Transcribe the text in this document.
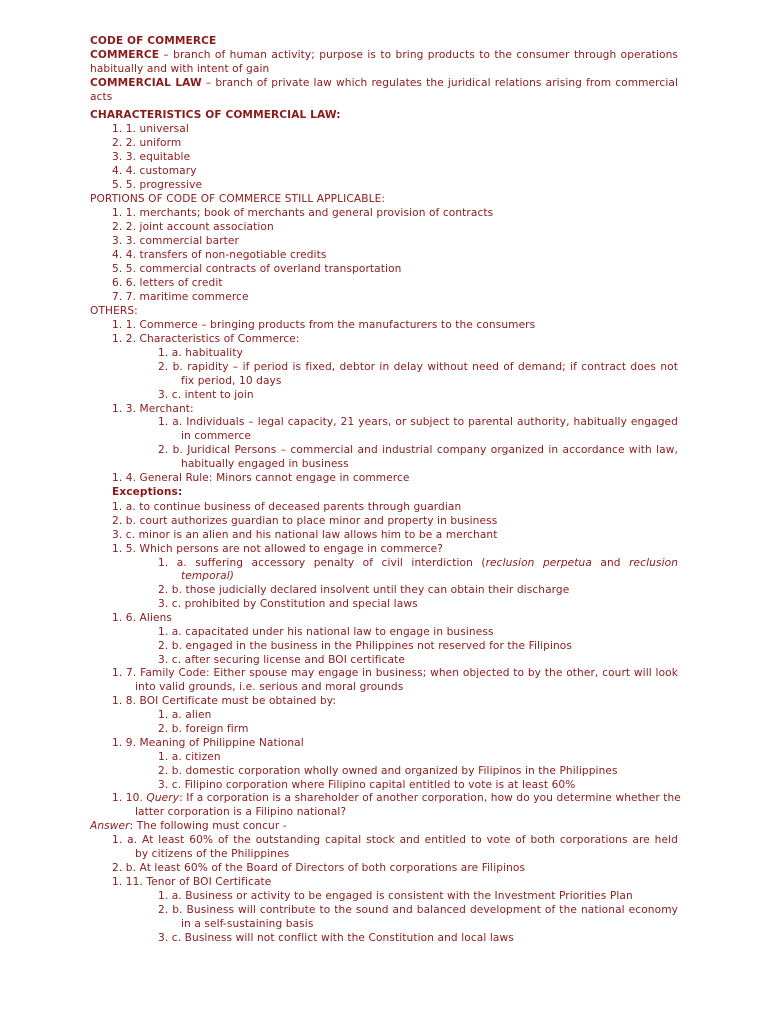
CODE OF COMMERCE
COMMERCE – branch of human activity; purpose is to bring products to the consumer through operations
habitually and with intent of gain
COMMERCIAL LAW – branch of private law which regulates the juridical relations arising from commercial
acts
CHARACTERISTICS OF COMMERCIAL LAW:
1. 1. universal
2. 2. uniform
3. 3. equitable
4. 4. customary
5. 5. progressive
PORTIONS OF CODE OF COMMERCE STILL APPLICABLE:
1. 1. merchants; book of merchants and general provision of contracts
2. 2. joint account association
3. 3. commercial barter
4. 4. transfers of non-negotiable credits
5. 5. commercial contracts of overland transportation
6. 6. letters of credit
7. 7. maritime commerce
OTHERS:
1. 1. Commerce – bringing products from the manufacturers to the consumers
1. 2. Characteristics of Commerce:
1. a. habituality
2. b. rapidity – if period is fixed, debtor in delay without need of demand; if contract does not
fix period, 10 days
3. c. intent to join
1. 3. Merchant:
1. a. Individuals – legal capacity, 21 years, or subject to parental authority, habitually engaged
in commerce
2. b. Juridical Persons – commercial and industrial company organized in accordance with law,
habitually engaged in business
1. 4. General Rule: Minors cannot engage in commerce
Exceptions:
1. a. to continue business of deceased parents through guardian
2. b. court authorizes guardian to place minor and property in business
3. c. minor is an alien and his national law allows him to be a merchant
1. 5. Which persons are not allowed to engage in commerce?
1. a. suffering accessory penalty of civil interdiction (reclusion perpetua and reclusion
temporal)
2. b. those judicially declared insolvent until they can obtain their discharge
3. c. prohibited by Constitution and special laws
1. 6. Aliens
1. a. capacitated under his national law to engage in business
2. b. engaged in the business in the Philippines not reserved for the Filipinos
3. c. after securing license and BOI certificate
1. 7. Family Code: Either spouse may engage in business; when objected to by the other, court will look
into valid grounds, i.e. serious and moral grounds
1. 8. BOI Certificate must be obtained by:
1. a. alien
2. b. foreign firm
1. 9. Meaning of Philippine National
1. a. citizen
2. b. domestic corporation wholly owned and organized by Filipinos in the Philippines
3. c. Filipino corporation where Filipino capital entitled to vote is at least 60%
1. 10. Query: If a corporation is a shareholder of another corporation, how do you determine whether the
latter corporation is a Filipino national?
Answer: The following must concur -
1. a. At least 60% of the outstanding capital stock and entitled to vote of both corporations are held
by citizens of the Philippines
2. b. At least 60% of the Board of Directors of both corporations are Filipinos
1. 11. Tenor of BOI Certificate
1. a. Business or activity to be engaged is consistent with the Investment Priorities Plan
2. b. Business will contribute to the sound and balanced development of the national economy
in a self-sustaining basis
3. c. Business will not conflict with the Constitution and local laws
